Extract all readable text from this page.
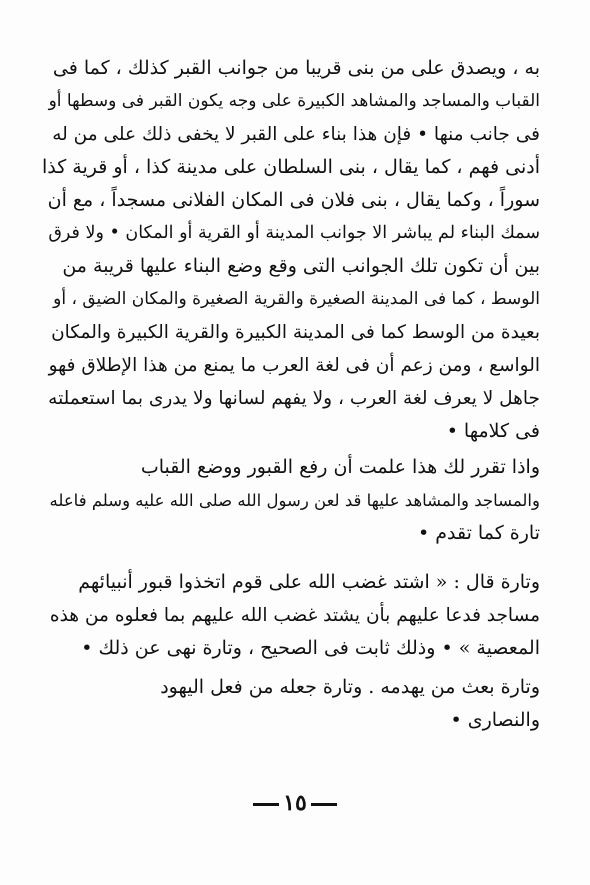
به ، ويصدق على من بنى قريبا من جوانب القبر كذلك ، كما فى
القباب والمساجد والمشاهد الكبيرة على وجه يكون القبر فى وسطها أو
فى جانب منها • فإن هذا بناء على القبر لا يخفى ذلك على من له
أدنى فهم ، كما يقال ، بنى السلطان على مدينة كذا ، أو قرية كذا
سوراً ، وكما يقال ، بنى فلان فى المكان الفلانى مسجداً ، مع أن
سمك البناء لم يباشر الا جوانب المدينة أو القرية أو المكان • ولا فرق
بين أن تكون تلك الجوانب التى وقع وضع البناء عليها قريبة من
الوسط ، كما فى المدينة الصغيرة والقرية الصغيرة والمكان الضيق ، أو
بعيدة من الوسط كما فى المدينة الكبيرة والقرية الكبيرة والمكان
الواسع ، ومن زعم أن فى لغة العرب ما يمنع من هذا الإطلاق فهو
جاهل لا يعرف لغة العرب ، ولا يفهم لسانها ولا يدرى بما استعملته
فى كلامها •
واذا تقرر لك هذا علمت أن رفع القبور ووضع القباب
والمساجد والمشاهد عليها قد لعن رسول الله صلى الله عليه وسلم فاعله
تارة كما تقدم •
وتارة قال : « اشتد غضب الله على قوم اتخذوا قبور أنبيائهم
مساجد فدعا عليهم بأن يشتد غضب الله عليهم بما فعلوه من هذه
المعصية » • وذلك ثابت فى الصحيح ، وتارة نهى عن ذلك •
وتارة بعث من يهدمه . وتارة جعله من فعل اليهود
والنصارى •
١٥
